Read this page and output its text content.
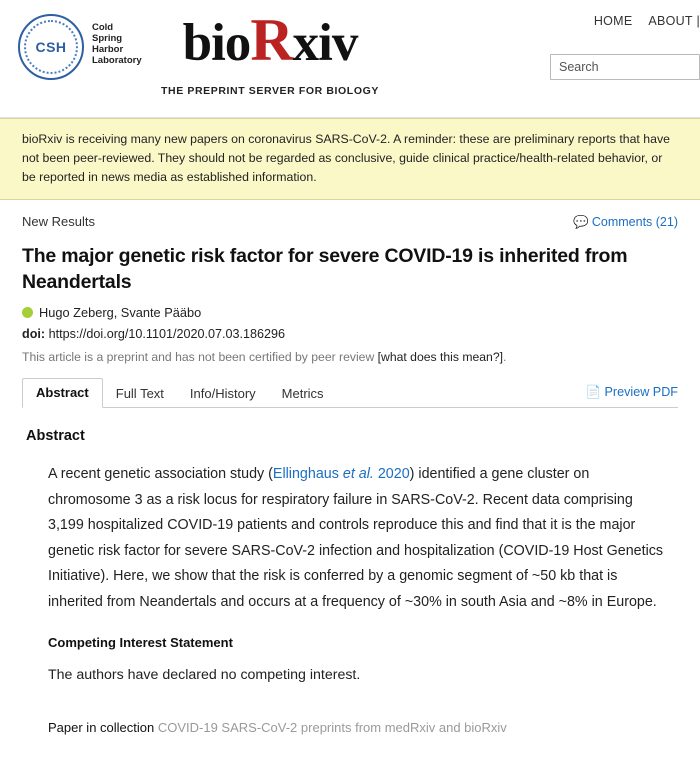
CSH
Cold
Spring
Harbor
Laboratory bioRxiv
THE PREPRINT SERVER FOR BIOLOGY
HOME ABOUT |
Search
bioRxiv is receiving many new papers on coronavirus SARS-CoV-2. A reminder: these are preliminary reports that have not been peer-reviewed. They should not be regarded as conclusive, guide clinical practice/health-related behavior, or be reported in news media as established information.
New Results	💬 Comments (21)
The major genetic risk factor for severe COVID-19 is inherited from Neandertals
Hugo Zeberg, Svante Pääbo
doi: https://doi.org/10.1101/2020.07.03.186296
This article is a preprint and has not been certified by peer review [what does this mean?].
Abstract	Full Text	Info/History	Metrics	📄 Preview PDF
Abstract

A recent genetic association study (Ellinghaus et al. 2020) identified a gene cluster on chromosome 3 as a risk locus for respiratory failure in SARS-CoV-2. Recent data comprising 3,199 hospitalized COVID-19 patients and controls reproduce this and find that it is the major genetic risk factor for severe SARS-CoV-2 infection and hospitalization (COVID-19 Host Genetics Initiative). Here, we show that the risk is conferred by a genomic segment of ~50 kb that is inherited from Neandertals and occurs at a frequency of ~30% in south Asia and ~8% in Europe.

Competing Interest Statement
The authors have declared no competing interest.
Paper in collection COVID-19 SARS-CoV-2 preprints from medRxiv and bioRxiv
